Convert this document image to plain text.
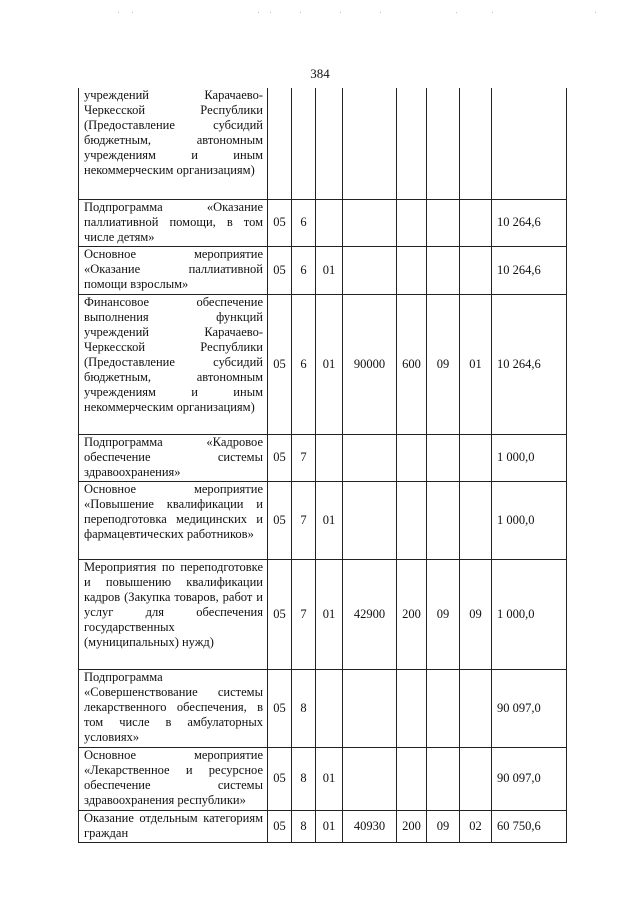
384
учреждений Карачаево-Черкесской Республики (Предоставление субсидий бюджетным, автономным учреждениям и иным некоммерческим организациям)								
Подпрограмма «Оказание паллиативной помощи, в том числе детям»	05	6						10 264,6
Основное мероприятие «Оказание паллиативной помощи взрослым»	05	6	01					10 264,6
Финансовое обеспечение выполнения функций учреждений Карачаево-Черкесской Республики (Предоставление субсидий бюджетным, автономным учреждениям и иным некоммерческим организациям)	05	6	01	90000	600	09	01	10 264,6
Подпрограмма «Кадровое обеспечение системы здравоохранения»	05	7						1 000,0
Основное мероприятие «Повышение квалификации и переподготовка медицинских и фармацевтических работников»	05	7	01					1 000,0
Мероприятия по переподготовке и повышению квалификации кадров (Закупка товаров, работ и услуг для обеспечения государственных (муниципальных) нужд)	05	7	01	42900	200	09	09	1 000,0
Подпрограмма «Совершенствование системы лекарственного обеспечения, в том числе в амбулаторных условиях»	05	8						90 097,0
Основное мероприятие «Лекарственное и ресурсное обеспечение системы здравоохранения республики»	05	8	01					90 097,0
Оказание отдельным категориям граждан	05	8	01	40930	200	09	02	60 750,6
